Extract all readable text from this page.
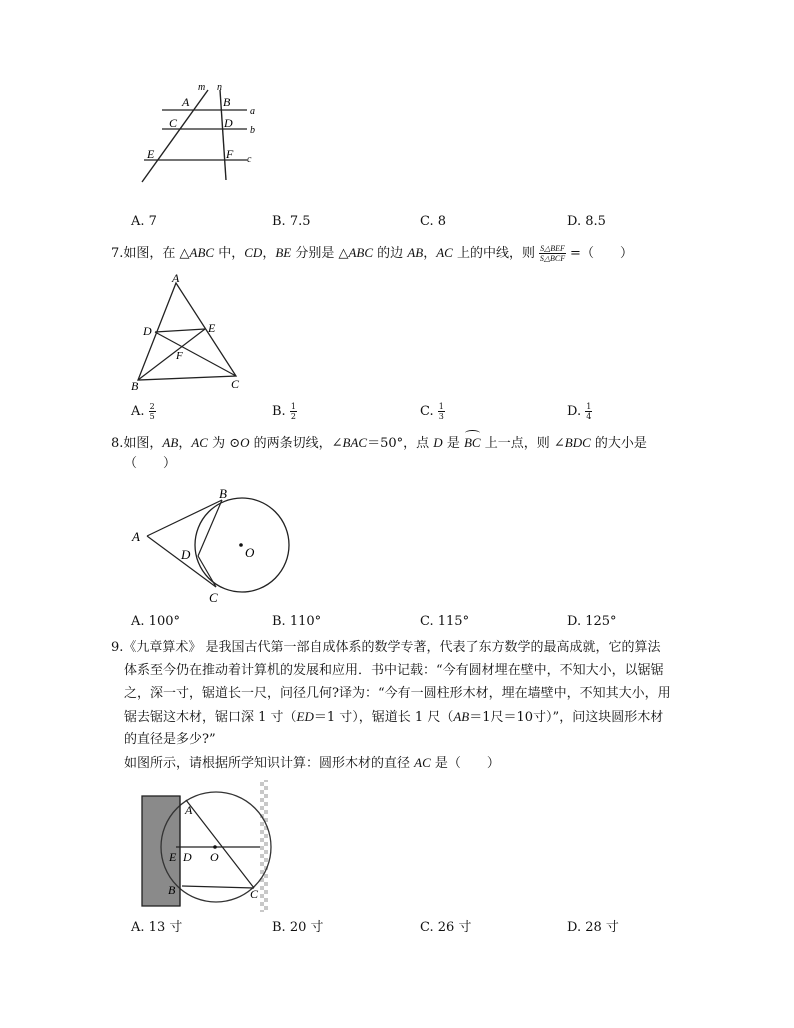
m n
a
b
c
A	B
C	D
E	F
A. 7	B. 7.5	C. 8	D. 8.5
7.如图，在 △ABC 中，CD，BE 分别是 △ABC 的边 AB，AC 上的中线，则 $\frac{\text{S△BEF}}{\text{S△BCF}}$ =（　　）
A
B	C
D	E
F
A. $\frac{2}{5}$	B. $\frac{1}{2}$	C. $\frac{1}{3}$	D. $\frac{1}{4}$
8.如图，AB，AC 为 ⊙O 的两条切线，∠BAC＝50°，点 D 是 BC 上一点，则 ∠BDC 的大小是
（　　）
A
B
C
D	O
A. 100°	B. 110°	C. 115°	D. 125°
9.《九章算术》 是我国古代第一部自成体系的数学专著，代表了东方数学的最高成就，它的算法
体系至今仍在推动着计算机的发展和应用．书中记载：“今有圆材埋在壁中，不知大小，以锯锯
之，深一寸，锯道长一尺，问径几何?译为：“今有一圆柱形木材，埋在墙壁中，不知其大小，用
锯去锯这木材，锯口深 1 寸（ED＝1 寸），锯道长 1 尺（AB＝1尺＝10寸）”，问这块圆形木材
的直径是多少?”
如图所示，请根据所学知识计算：圆形木材的直径 AC 是（　　）
A
B	C
D
E	O
A. 13 寸	B. 20 寸	C. 26 寸	D. 28 寸
